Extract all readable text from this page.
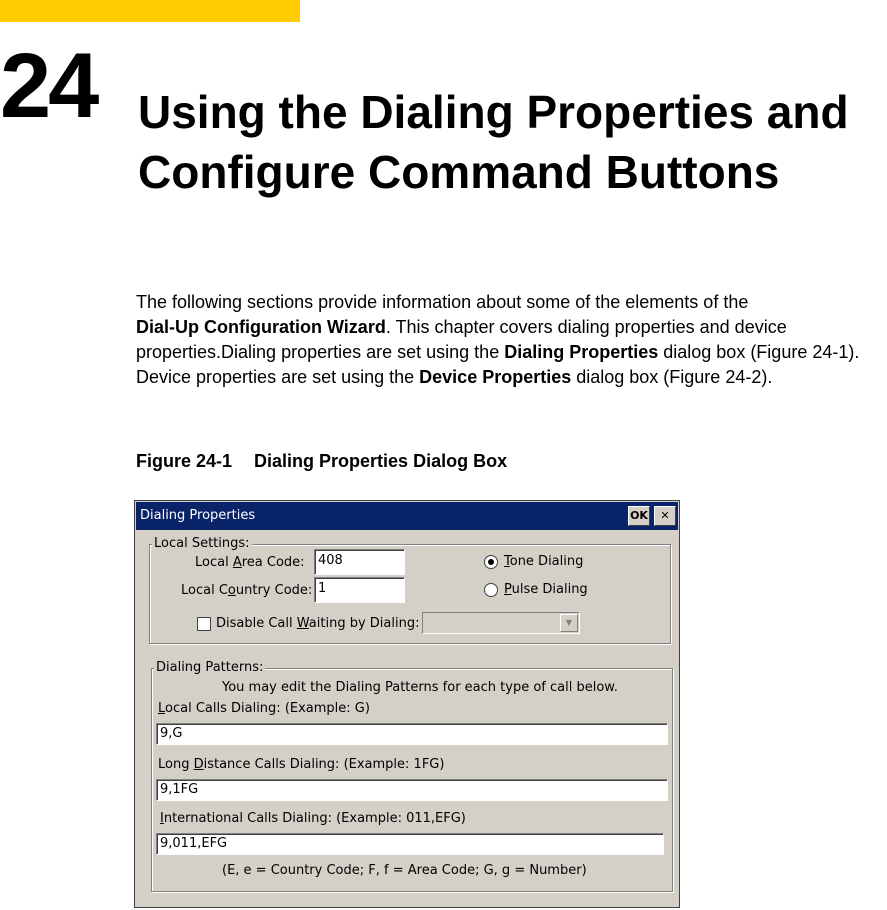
24 Using the Dialing Properties and
Configure Command Buttons
The following sections provide information about some of the elements of the
Dial-Up Configuration Wizard. This chapter covers dialing properties and device properties.Dialing properties are set using the Dialing Properties dialog box (Figure 24-1). Device properties are set using the Device Properties dialog box (Figure 24-2).
Figure 24-1 Dialing Properties Dialog Box
Dialing Properties	OK	✕
Local Settings:
Local Area Code:	408
Local Country Code: 1
Tone Dialing
Pulse Dialing
Disable Call Waiting by Dialing:	▼
Dialing Patterns:
You may edit the Dialing Patterns for each type of call below.
Local Calls Dialing: (Example: G)
9,G
Long Distance Calls Dialing: (Example: 1FG)
9,1FG
International Calls Dialing: (Example: 011,EFG)
9,011,EFG
(E, e = Country Code; F, f = Area Code; G, g = Number)
